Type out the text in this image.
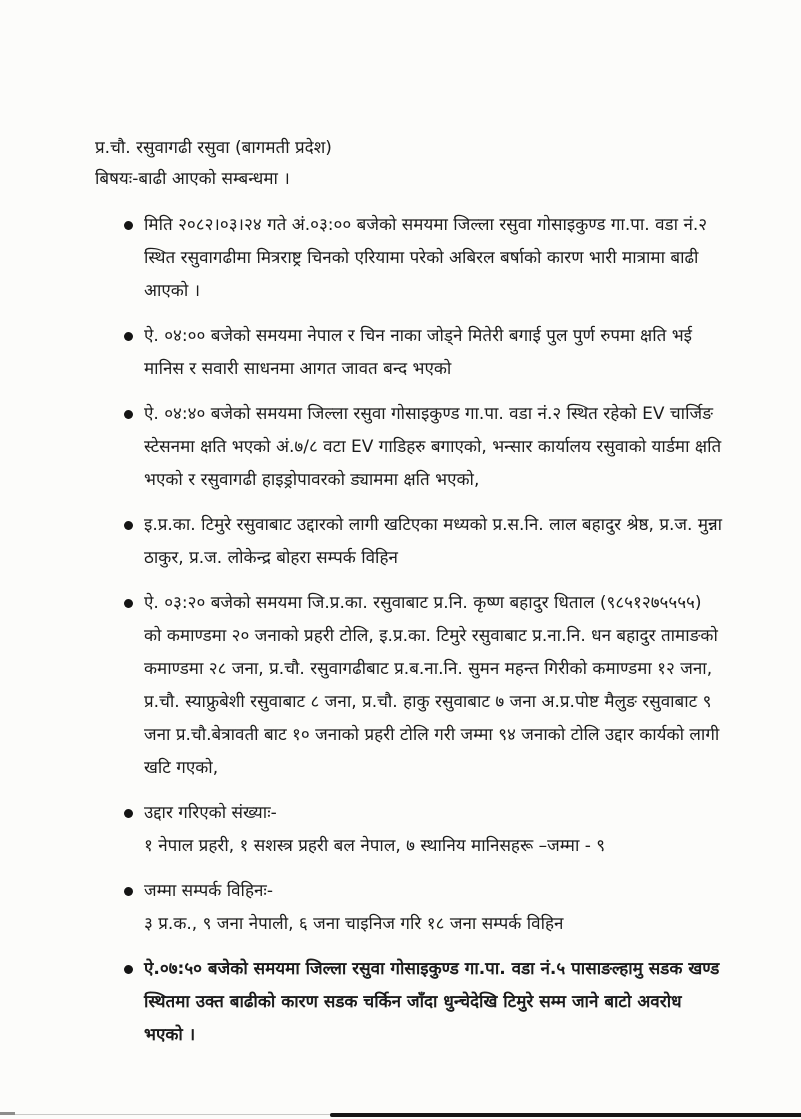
प्र.चौ. रसुवागढी रसुवा (बागमती प्रदेश)
बिषयः-बाढी आएको सम्बन्धमा ।
मिति २०८२।०३।२४ गते अं.०३:०० बजेको समयमा जिल्ला रसुवा गोसाइकुण्ड गा.पा. वडा नं.२ स्थित रसुवागढीमा मित्रराष्ट्र चिनको एरियामा परेको अबिरल बर्षाको कारण भारी मात्रामा बाढी आएको ।
ऐ. ०४:०० बजेको समयमा नेपाल र चिन नाका जोड्ने मितेरी बगाई पुल पुर्ण रुपमा क्षति भई मानिस र सवारी साधनमा आगत जावत बन्द भएको
ऐ. ०४:४० बजेको समयमा जिल्ला रसुवा गोसाइकुण्ड गा.पा. वडा नं.२ स्थित रहेको EV चार्जिङ स्टेसनमा क्षति भएको अं.७/८ वटा EV गाडिहरु बगाएको, भन्सार कार्यालय रसुवाको यार्डमा क्षति भएको र रसुवागढी हाइड्रोपावरको ड्याममा क्षति भएको,
इ.प्र.का. टिमुरे रसुवाबाट उद्दारको लागी खटिएका मध्यको प्र.स.नि. लाल बहादुर श्रेष्ठ, प्र.ज. मुन्ना ठाकुर, प्र.ज. लोकेन्द्र बोहरा सम्पर्क विहिन
ऐ. ०३:२० बजेको समयमा जि.प्र.का. रसुवाबाट प्र.नि. कृष्ण बहादुर धिताल (९८५१२७५५५५) को कमाण्डमा २० जनाको प्रहरी टोलि, इ.प्र.का. टिमुरे रसुवाबाट प्र.ना.नि. धन बहादुर तामाङको कमाण्डमा २८ जना, प्र.चौ. रसुवागढीबाट प्र.ब.ना.नि. सुमन महन्त गिरीको कमाण्डमा १२ जना, प्र.चौ. स्याफ्रुबेशी रसुवाबाट ८ जना, प्र.चौ. हाकु रसुवाबाट ७ जना अ.प्र.पोष्ट मैलुङ रसुवाबाट ९ जना प्र.चौ.बेत्रावती बाट १० जनाको प्रहरी टोलि गरी जम्मा ९४ जनाको टोलि उद्दार कार्यको लागी खटि गएको,
उद्दार गरिएको संख्याः-
१ नेपाल प्रहरी, १ सशस्त्र प्रहरी बल नेपाल, ७ स्थानिय मानिसहरू –जम्मा - ९
जम्मा सम्पर्क विहिनः-
३ प्र.क., ९ जना नेपाली, ६ जना चाइनिज गरि १८ जना सम्पर्क विहिन
ऐ.०७:५० बजेको समयमा जिल्ला रसुवा गोसाइकुण्ड गा.पा. वडा नं.५ पासाङल्हामु सडक खण्ड स्थितमा उक्त बाढीको कारण सडक चर्किन जाँदा धुन्चेदेखि टिमुरे सम्म जाने बाटो अवरोध भएको ।
